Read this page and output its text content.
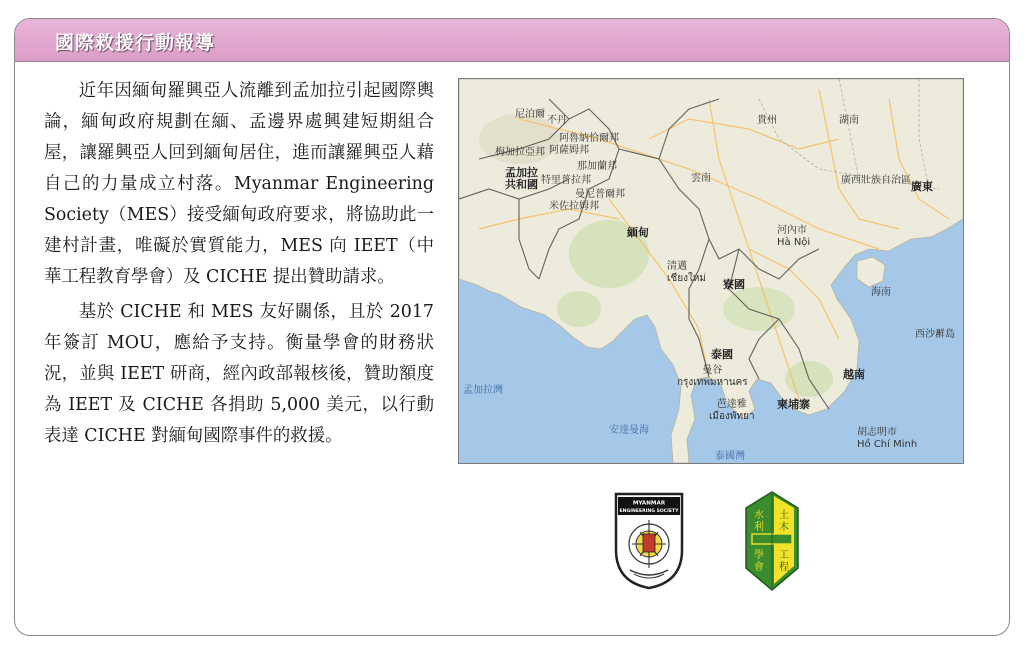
國際救援行動報導

近年因緬甸羅興亞人流離到孟加拉引起國際輿論，緬甸政府規劃在緬、孟邊界處興建短期組合屋，讓羅興亞人回到緬甸居住，進而讓羅興亞人藉自己的力量成立村落。Myanmar Engineering Society（MES）接受緬甸政府要求，將協助此一建村計畫，唯礙於實質能力，MES 向 IEET（中華工程教育學會）及 CICHE 提出贊助請求。

基於 CICHE 和 MES 友好關係，且於 2017 年簽訂 MOU，應給予支持。衡量學會的財務狀況，並與 IEET 研商，經內政部報核後，贊助額度為 IEET 及 CICHE 各捐助 5,000 美元，以行動表達 CICHE 對緬甸國際事件的救援。

尼泊爾
不丹
阿魯納恰爾邦
阿薩姆邦
梅加拉亞邦
那加蘭邦
特里普拉邦
米佐拉姆邦
曼尼普爾邦
貴州	湖南
雲南	廣西壯族自治區 廣東
孟加拉
共和國
緬甸	河內市
Hà Nội
海南
清邁
เชียงใหม่ 寮國
西沙群島
泰國
曼谷
กรุงเทพมหานคร
越南
孟加拉灣
柬埔寨
芭達雅
เมืองพัทยา
安達曼海	胡志明市
Hồ Chí Minh
泰國灣
MYANMAR
ENGINEERING SOCIETY	水
利
土
木
學
會
工
程
